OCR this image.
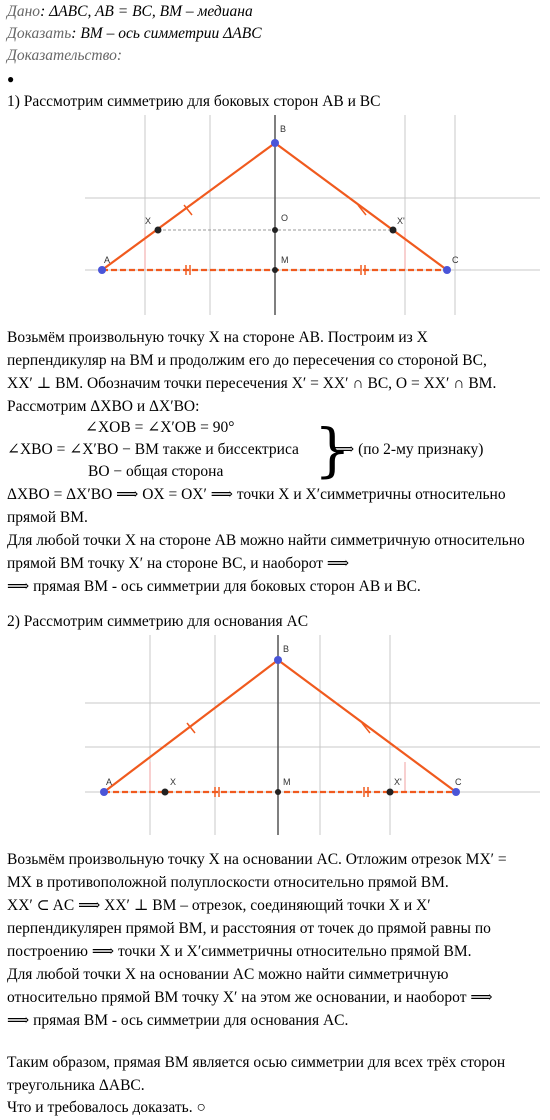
Дано: ΔABC, AB = BC, BM – медиана
Доказать: BM – ось симметрии ΔABC
Доказательство:
●
1) Рассмотрим симметрию для боковых сторон AB и BC
A
B
C
X	O	X'
M
Возьмём произвольную точку X на стороне AB. Построим из X
перпендикуляр на BM и продолжим его до пересечения со стороной BC,
XX′ ⊥ BM. Обозначим точки пересечения X′ = XX′ ∩ BC, O = XX′ ∩ BM.
Рассмотрим ΔXBO и ΔX′BO:
∠XOB = ∠X′OB = 90°
∠XBO = ∠X′BO − BM также и биссектриса
BO − общая сторона }
⟹ (по 2-му признаку)
ΔXBO = ΔX′BO ⟹ OX = OX′ ⟹ точки X и X′симметричны относительно
прямой BM.
Для любой точки X на стороне AB можно найти симметричную относительно
прямой BM точку X′ на стороне BC, и наоборот ⟹
⟹ прямая BM - ось симметрии для боковых сторон AB и BC.
2) Рассмотрим симметрию для основания AC
A
B
C
X	X'
M
Возьмём произвольную точку X на основании AC. Отложим отрезок MX′ =
MX в противоположной полуплоскости относительно прямой BM.
XX′ ⊂ AC ⟹ XX′ ⊥ BM – отрезок, соединяющий точки X и X′
перпендикулярен прямой BM, и расстояния от точек до прямой равны по
построению ⟹ точки X и X′симметричны относительно прямой BM.
Для любой точки X на основании AC можно найти симметричную
относительно прямой BM точку X′ на этом же основании, и наоборот ⟹
⟹ прямая BM - ось симметрии для основания AC.
Таким образом, прямая BM является осью симметрии для всех трёх сторон
треугольника ΔABC.
Что и требовалось доказать. ○
